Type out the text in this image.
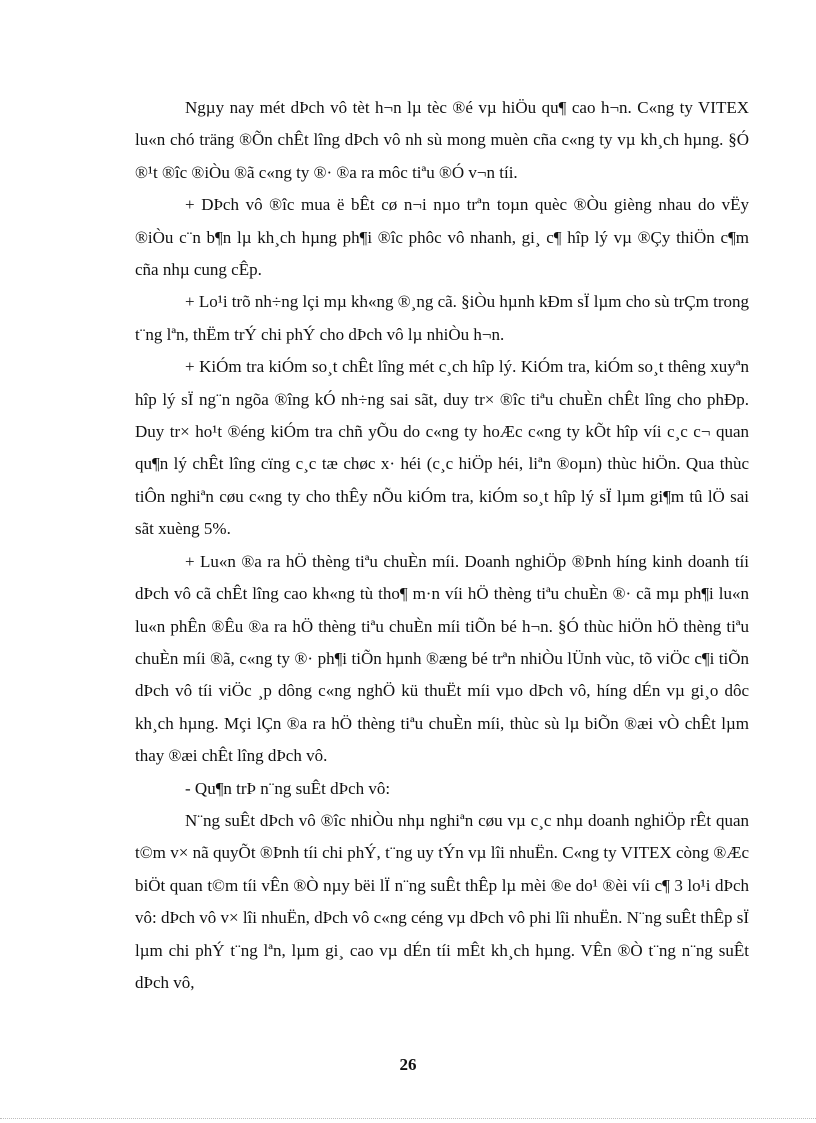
Ngµy nay mét dÞch vô tèt h¬n lµ tèc ®é vµ hiÖu qu¶ cao h¬n. C«ng ty VITEX lu«n chó träng ®Õn chÊt lîng dÞch vô nh sù mong muèn cña c«ng ty vµ kh¸ch hµng. §Ó ®¹t ®îc ®iÒu ®ã c«ng ty ®· ®a ra môc tiªu ®Ó v¬n tíi.

+ DÞch vô ®îc mua ë bÊt cø n¬i nµo trªn toµn quèc ®Òu gièng nhau do vËy ®iÒu c¨n b¶n lµ kh¸ch hµng ph¶i ®îc phôc vô nhanh, gi¸ c¶ hîp lý vµ ®Çy thiÖn c¶m cña nhµ cung cÊp.

+ Lo¹i trõ nh÷ng lçi mµ kh«ng ®¸ng cã. §iÒu hµnh kÐm sÏ lµm cho sù trÇm trong t¨ng lªn, thËm trÝ chi phÝ cho dÞch vô lµ nhiÒu h¬n.

+ KiÓm tra kiÓm so¸t chÊt lîng mét c¸ch hîp lý. KiÓm tra, kiÓm so¸t thêng xuyªn hîp lý sÏ ng¨n ngõa ®îng kÓ nh÷ng sai sãt, duy tr× ®îc tiªu chuÈn chÊt lîng cho phÐp. Duy tr× ho¹t ®éng kiÓm tra chñ yÕu do c«ng ty hoÆc c«ng ty kÕt hîp víi c¸c c¬ quan qu¶n lý chÊt lîng cïng c¸c tæ chøc x· héi (c¸c hiÖp héi, liªn ®oµn) thùc hiÖn. Qua thùc tiÔn nghiªn cøu c«ng ty cho thÊy nÕu kiÓm tra, kiÓm so¸t hîp lý sÏ lµm gi¶m tû lÖ sai sãt xuèng 5%.

+ Lu«n ®a ra hÖ thèng tiªu chuÈn míi. Doanh nghiÖp ®Þnh híng kinh doanh tíi dÞch vô cã chÊt lîng cao kh«ng tù tho¶ m·n víi hÖ thèng tiªu chuÈn ®· cã mµ ph¶i lu«n lu«n phÊn ®Êu ®a ra hÖ thèng tiªu chuÈn míi tiÕn bé h¬n. §Ó thùc hiÖn hÖ thèng tiªu chuÈn míi ®ã, c«ng ty ®· ph¶i tiÕn hµnh ®æng bé trªn nhiÒu lÜnh vùc, tõ viÖc c¶i tiÕn dÞch vô tíi viÖc ¸p dông c«ng nghÖ kü thuËt míi vµo dÞch vô, híng dÉn vµ gi¸o dôc kh¸ch hµng. Mçi lÇn ®a ra hÖ thèng tiªu chuÈn míi, thùc sù lµ biÕn ®æi vÒ chÊt lµm thay ®æi chÊt lîng dÞch vô.

- Qu¶n trÞ n¨ng suÊt dÞch vô:

N¨ng suÊt dÞch vô ®îc nhiÒu nhµ nghiªn cøu vµ c¸c nhµ doanh nghiÖp rÊt quan t©m v× nã quyÕt ®Þnh tíi chi phÝ, t¨ng uy tÝn vµ lîi nhuËn. C«ng ty VITEX còng ®Æc biÖt quan t©m tíi vÊn ®Ò nµy bëi lÏ n¨ng suÊt thÊp lµ mèi ®e do¹ ®èi víi c¶ 3 lo¹i dÞch vô: dÞch vô v× lîi nhuËn, dÞch vô c«ng céng vµ dÞch vô phi lîi nhuËn. N¨ng suÊt thÊp sÏ lµm chi phÝ t¨ng lªn, lµm gi¸ cao vµ dÉn tíi mÊt kh¸ch hµng. VÊn ®Ò t¨ng n¨ng suÊt dÞch vô,

26
